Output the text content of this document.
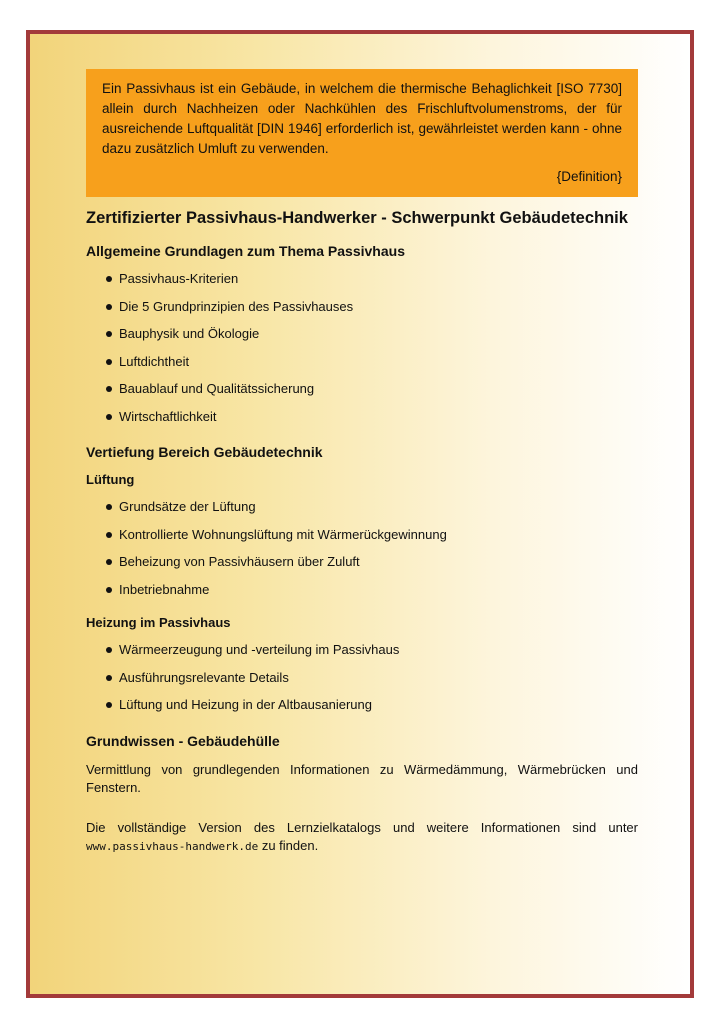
Ein Passivhaus ist ein Gebäude, in welchem die thermische Behaglichkeit [ISO 7730] allein durch Nachheizen oder Nachkühlen des Frischluftvolumenstroms, der für ausreichende Luftqualität [DIN 1946] erforderlich ist, gewährleistet werden kann - ohne dazu zusätzlich Umluft zu verwenden.

{Definition}
Zertifizierter Passivhaus-Handwerker - Schwerpunkt Gebäudetechnik
Allgemeine Grundlagen zum Thema Passivhaus
Passivhaus-Kriterien
Die 5 Grundprinzipien des Passivhauses
Bauphysik und Ökologie
Luftdichtheit
Bauablauf und Qualitätssicherung
Wirtschaftlichkeit
Vertiefung Bereich Gebäudetechnik
Lüftung
Grundsätze der Lüftung
Kontrollierte Wohnungslüftung mit Wärmerückgewinnung
Beheizung von Passivhäusern über Zuluft
Inbetriebnahme
Heizung im Passivhaus
Wärmeerzeugung und -verteilung im Passivhaus
Ausführungsrelevante Details
Lüftung und Heizung in der Altbausanierung
Grundwissen - Gebäudehülle

Vermittlung von grundlegenden Informationen zu Wärmedämmung, Wärmebrücken und Fenstern.

Die vollständige Version des Lernzielkatalogs und weitere Informationen sind unter www.passivhaus-handwerk.de zu finden.
